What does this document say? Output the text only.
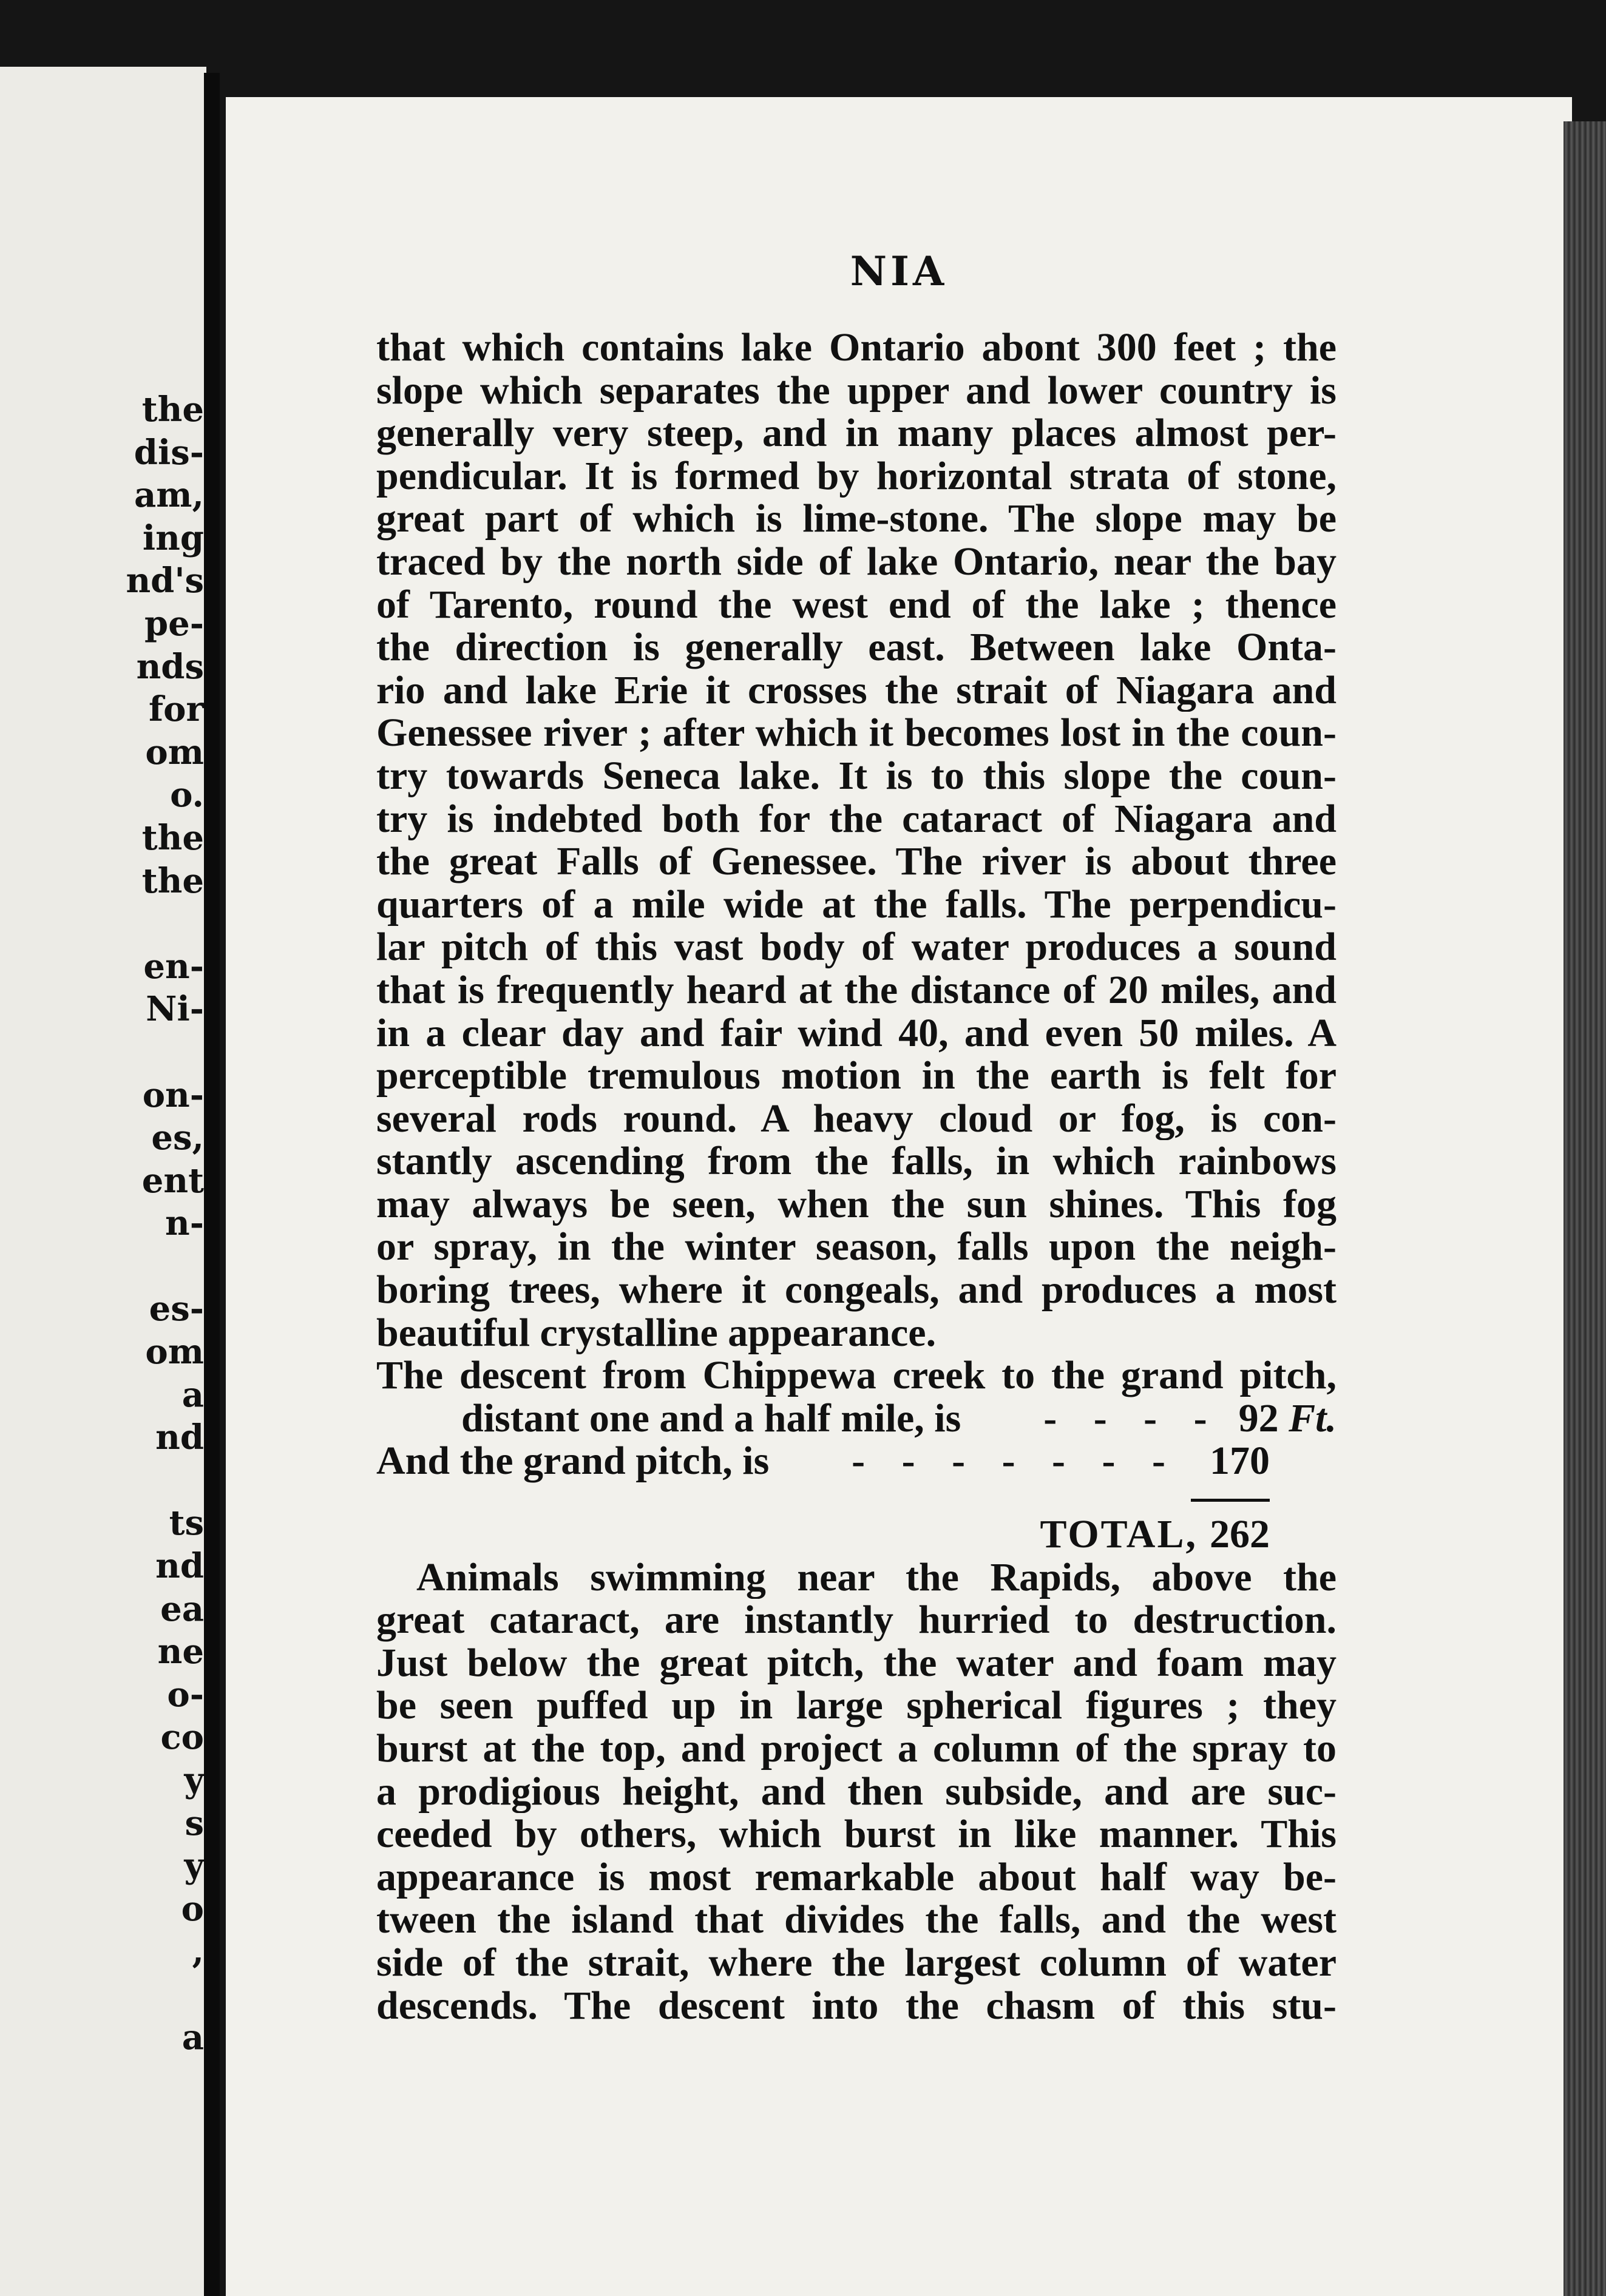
the
dis-
am,
ing
nd's
pe-
nds
for
om
o.
the
the
en-
Ni-
on-
es,
ent
n-
es-
om
a
nd
ts
nd
ea
ne
o-
co
y
s
y
o
,
a
NIA
that which contains lake Ontario abont 300 feet ; the
slope which separates the upper and lower country is
generally very steep, and in many places almost per-
pendicular. It is formed by horizontal strata of stone,
great part of which is lime-stone. The slope may be
traced by the north side of lake Ontario, near the bay
of Tarento, round the west end of the lake ; thence
the direction is generally east. Between lake Onta-
rio and lake Erie it crosses the strait of Niagara and
Genessee river ; after which it becomes lost in the coun-
try towards Seneca lake. It is to this slope the coun-
try is indebted both for the cataract of Niagara and
the great Falls of Genessee. The river is about three
quarters of a mile wide at the falls. The perpendicu-
lar pitch of this vast body of water produces a sound
that is frequently heard at the distance of 20 miles, and
in a clear day and fair wind 40, and even 50 miles. A
perceptible tremulous motion in the earth is felt for
several rods round. A heavy cloud or fog, is con-
stantly ascending from the falls, in which rainbows
may always be seen, when the sun shines. This fog
or spray, in the winter season, falls upon the neigh-
boring trees, where it congeals, and produces a most
beautiful crystalline appearance.
The descent from Chippewa creek to the grand pitch,
distant one and a half mile, is	- - - - 92 Ft.
And the grand pitch, is	- - - - - - - 170
TOTAL, 262
Animals swimming near the Rapids, above the
great cataract, are instantly hurried to destruction.
Just below the great pitch, the water and foam may
be seen puffed up in large spherical figures ; they
burst at the top, and project a column of the spray to
a prodigious height, and then subside, and are suc-
ceeded by others, which burst in like manner. This
appearance is most remarkable about half way be-
tween the island that divides the falls, and the west
side of the strait, where the largest column of water
descends. The descent into the chasm of this stu-
